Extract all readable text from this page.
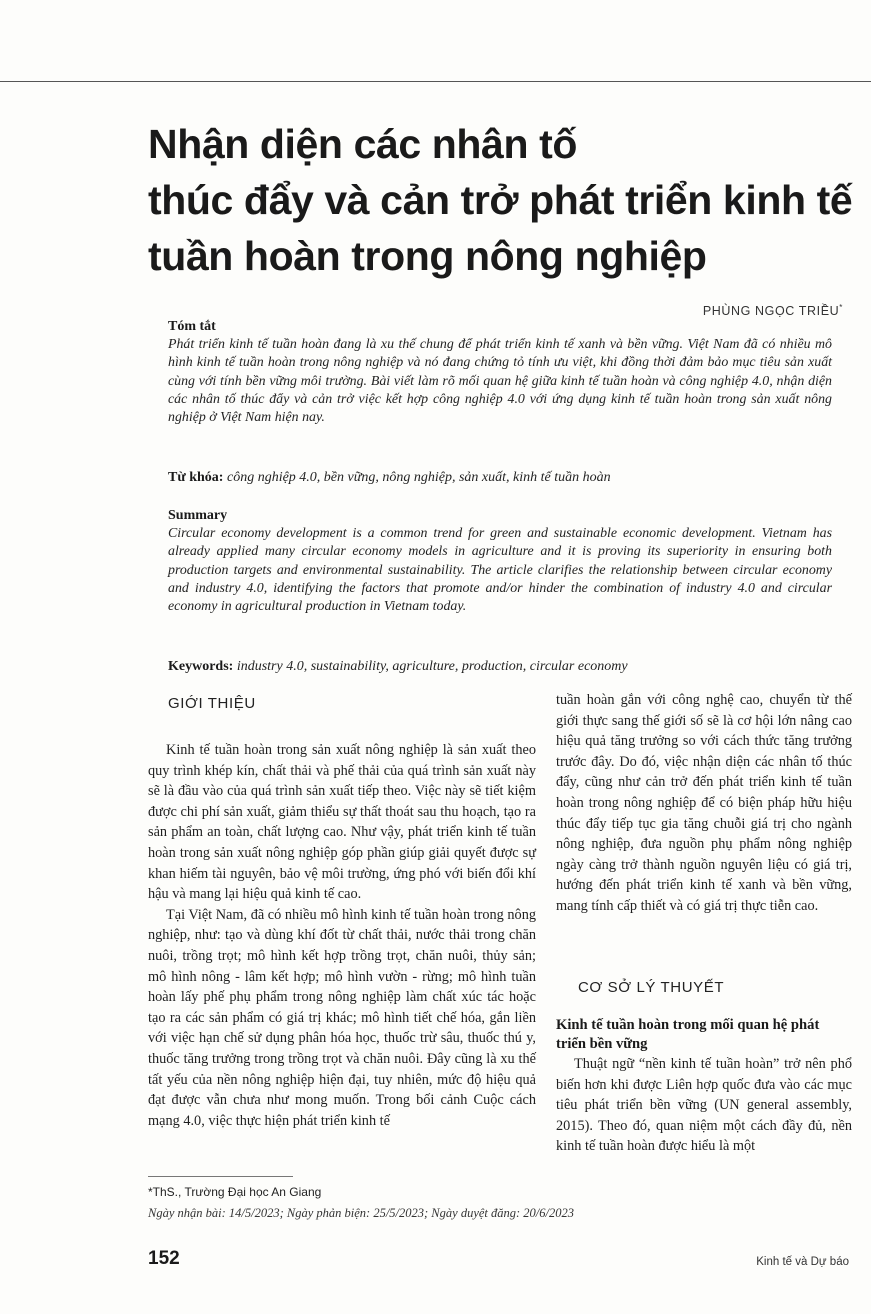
Nhận diện các nhân tố
thúc đẩy và cản trở phát triển kinh tế
tuần hoàn trong nông nghiệp
PHÙNG NGỌC TRIỀU*
Tóm tắt
Phát triển kinh tế tuần hoàn đang là xu thế chung để phát triển kinh tế xanh và bền vững. Việt Nam đã có nhiều mô hình kinh tế tuần hoàn trong nông nghiệp và nó đang chứng tỏ tính ưu việt, khi đồng thời đảm bảo mục tiêu sản xuất cùng với tính bền vững môi trường. Bài viết làm rõ mối quan hệ giữa kinh tế tuần hoàn và công nghiệp 4.0, nhận diện các nhân tố thúc đẩy và cản trở việc kết hợp công nghiệp 4.0 với ứng dụng kinh tế tuần hoàn trong sản xuất nông nghiệp ở Việt Nam hiện nay.
Từ khóa: công nghiệp 4.0, bền vững, nông nghiệp, sản xuất, kinh tế tuần hoàn
Summary
Circular economy development is a common trend for green and sustainable economic development. Vietnam has already applied many circular economy models in agriculture and it is proving its superiority in ensuring both production targets and environmental sustainability. The article clarifies the relationship between circular economy and industry 4.0, identifying the factors that promote and/or hinder the combination of industry 4.0 and circular economy in agricultural production in Vietnam today.
Keywords: industry 4.0, sustainability, agriculture, production, circular economy
GIỚI THIỆU

Kinh tế tuần hoàn trong sản xuất nông nghiệp là sản xuất theo quy trình khép kín, chất thải và phế thải của quá trình sản xuất này sẽ là đầu vào của quá trình sản xuất tiếp theo. Việc này sẽ tiết kiệm được chi phí sản xuất, giảm thiểu sự thất thoát sau thu hoạch, tạo ra sản phẩm an toàn, chất lượng cao. Như vậy, phát triển kinh tế tuần hoàn trong sản xuất nông nghiệp góp phần giúp giải quyết được sự khan hiếm tài nguyên, bảo vệ môi trường, ứng phó với biến đổi khí hậu và mang lại hiệu quả kinh tế cao.

Tại Việt Nam, đã có nhiều mô hình kinh tế tuần hoàn trong nông nghiệp, như: tạo và dùng khí đốt từ chất thải, nước thải trong chăn nuôi, trồng trọt; mô hình kết hợp trồng trọt, chăn nuôi, thủy sản; mô hình nông - lâm kết hợp; mô hình vườn - rừng; mô hình tuần hoàn lấy phế phụ phẩm trong nông nghiệp làm chất xúc tác hoặc tạo ra các sản phẩm có giá trị khác; mô hình tiết chế hóa, gắn liền với việc hạn chế sử dụng phân hóa học, thuốc trừ sâu, thuốc thú y, thuốc tăng trưởng trong trồng trọt và chăn nuôi. Đây cũng là xu thế tất yếu của nền nông nghiệp hiện đại, tuy nhiên, mức độ hiệu quả đạt được vẫn chưa như mong muốn. Trong bối cảnh Cuộc cách mạng 4.0, việc thực hiện phát triển kinh tế

tuần hoàn gắn với công nghệ cao, chuyển từ thế giới thực sang thế giới số sẽ là cơ hội lớn nâng cao hiệu quả tăng trưởng so với cách thức tăng trưởng trước đây. Do đó, việc nhận diện các nhân tố thúc đẩy, cũng như cản trở đến phát triển kinh tế tuần hoàn trong nông nghiệp để có biện pháp hữu hiệu thúc đẩy tiếp tục gia tăng chuỗi giá trị cho ngành nông nghiệp, đưa nguồn phụ phẩm nông nghiệp ngày càng trở thành nguồn nguyên liệu có giá trị, hướng đến phát triển kinh tế xanh và bền vững, mang tính cấp thiết và có giá trị thực tiễn cao.

CƠ SỞ LÝ THUYẾT
Kinh tế tuần hoàn trong mối quan hệ phát triển bền vững

Thuật ngữ “nền kinh tế tuần hoàn” trở nên phổ biến hơn khi được Liên hợp quốc đưa vào các mục tiêu phát triển bền vững (UN general assembly, 2015). Theo đó, quan niệm một cách đầy đủ, nền kinh tế tuần hoàn được hiểu là một

*ThS., Trường Đại học An Giang
Ngày nhận bài: 14/5/2023; Ngày phản biện: 25/5/2023; Ngày duyệt đăng: 20/6/2023
152	Kinh tế và Dự báo
